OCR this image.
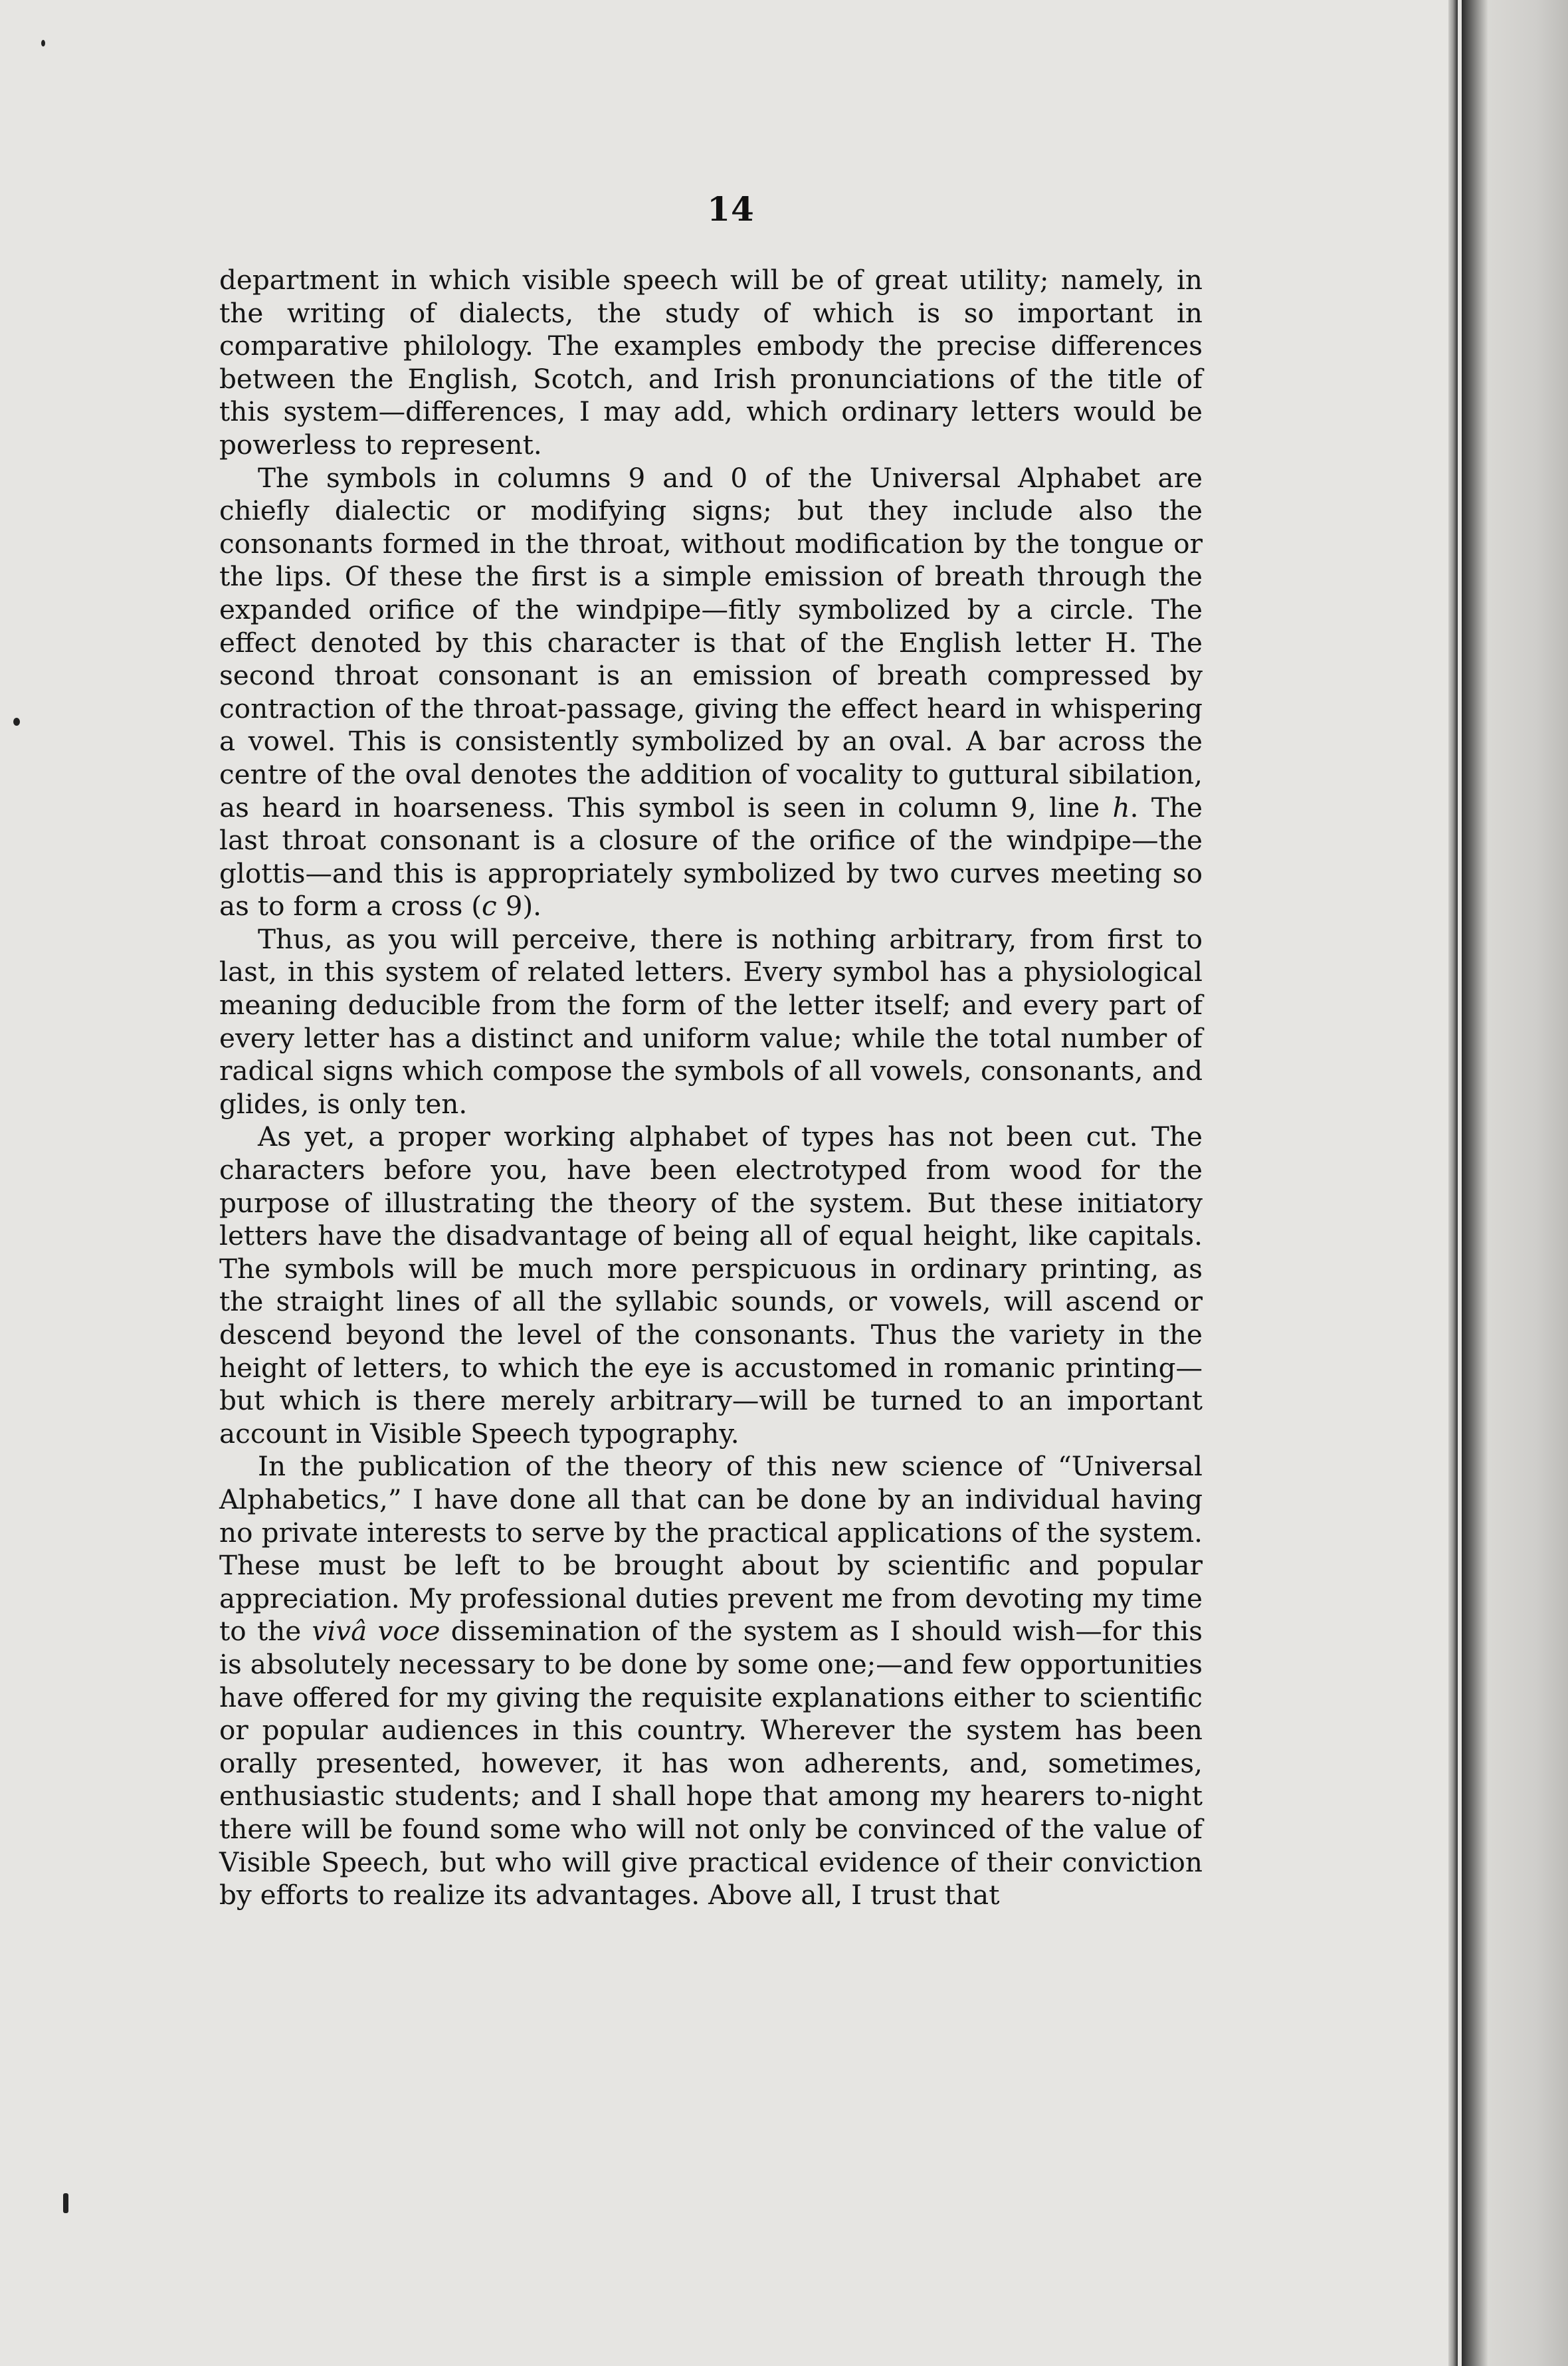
14

department in which visible speech will be of great utility; namely, in the writing of dialects, the study of which is so important in comparative philology. The examples embody the precise differences between the English, Scotch, and Irish pronunciations of the title of this system—differences, I may add, which ordinary letters would be powerless to represent.

The symbols in columns 9 and 0 of the Universal Alphabet are chiefly dialectic or modifying signs; but they include also the consonants formed in the throat, without modification by the tongue or the lips. Of these the first is a simple emission of breath through the expanded orifice of the windpipe—fitly symbolized by a circle. The effect denoted by this character is that of the English letter H. The second throat consonant is an emission of breath compressed by contraction of the throat-passage, giving the effect heard in whispering a vowel. This is consistently symbolized by an oval. A bar across the centre of the oval denotes the addition of vocality to guttural sibilation, as heard in hoarseness. This symbol is seen in column 9, line h. The last throat consonant is a closure of the orifice of the windpipe—the glottis—and this is appropriately symbolized by two curves meeting so as to form a cross (c 9).

Thus, as you will perceive, there is nothing arbitrary, from first to last, in this system of related letters. Every symbol has a physiological meaning deducible from the form of the letter itself; and every part of every letter has a distinct and uniform value; while the total number of radical signs which compose the symbols of all vowels, consonants, and glides, is only ten.

As yet, a proper working alphabet of types has not been cut. The characters before you, have been electrotyped from wood for the purpose of illustrating the theory of the system. But these initiatory letters have the disadvantage of being all of equal height, like capitals. The symbols will be much more perspicuous in ordinary printing, as the straight lines of all the syllabic sounds, or vowels, will ascend or descend beyond the level of the consonants. Thus the variety in the height of letters, to which the eye is accustomed in romanic printing—but which is there merely arbitrary—will be turned to an important account in Visible Speech typography.

In the publication of the theory of this new science of “Universal Alphabetics,” I have done all that can be done by an individual having no private interests to serve by the practical applications of the system. These must be left to be brought about by scientific and popular appreciation. My professional duties prevent me from devoting my time to the vivâ voce dissemination of the system as I should wish—for this is absolutely necessary to be done by some one;—and few opportunities have offered for my giving the requisite explanations either to scientific or popular audiences in this country. Wherever the system has been orally presented, however, it has won adherents, and, sometimes, enthusiastic students; and I shall hope that among my hearers to-night there will be found some who will not only be convinced of the value of Visible Speech, but who will give practical evidence of their conviction by efforts to realize its advantages. Above all, I trust that
